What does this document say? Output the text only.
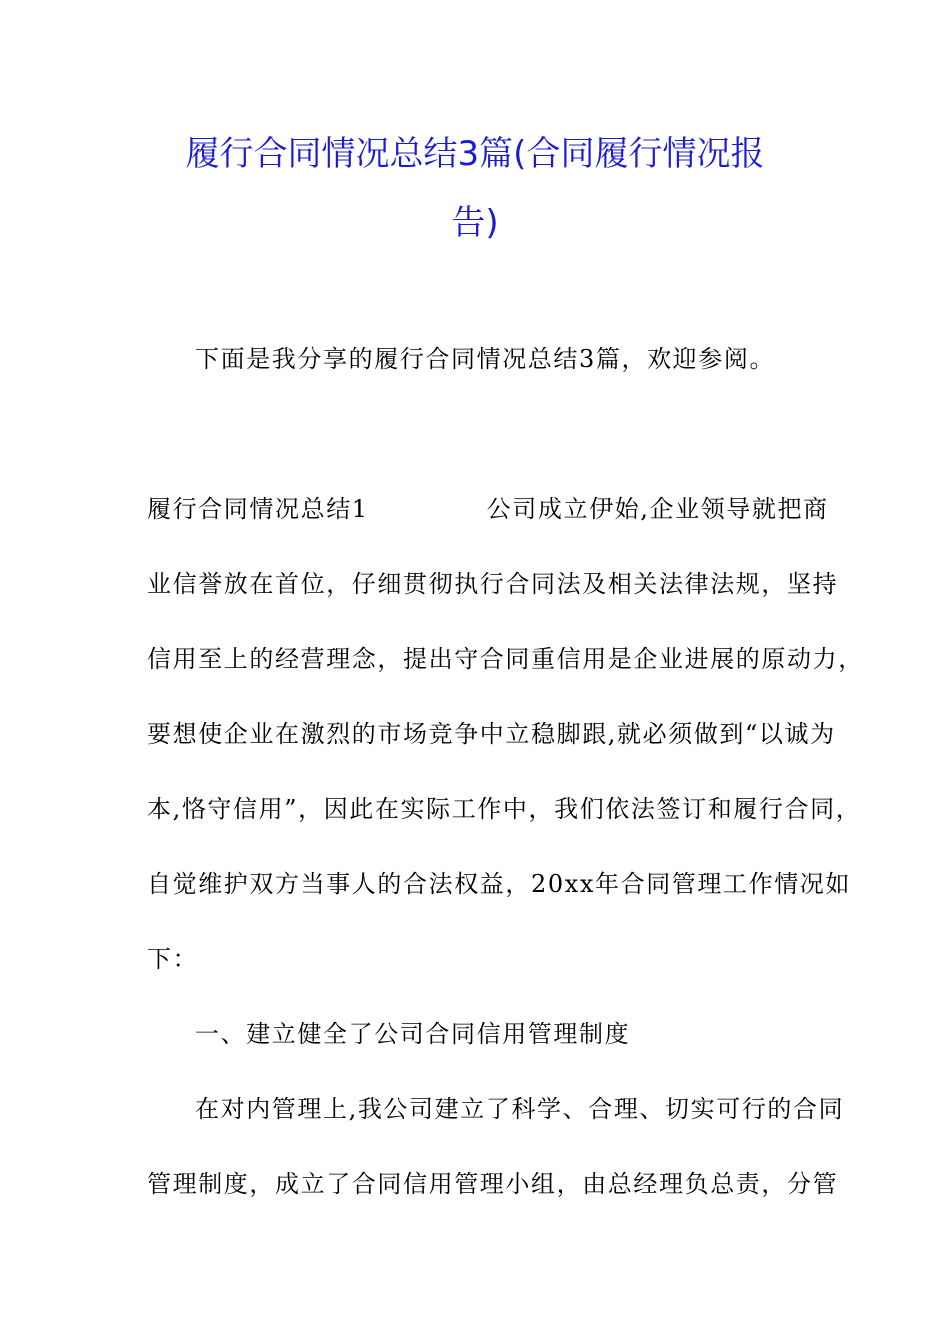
履行合同情况总结3篇(合同履行情况报
告)
下面是我分享的履行合同情况总结3篇，欢迎参阅。
履行合同情况总结1	公司成立伊始,企业领导就把商
业信誉放在首位，仔细贯彻执行合同法及相关法律法规，坚持
信用至上的经营理念，提出守合同重信用是企业进展的原动力，
要想使企业在激烈的市场竞争中立稳脚跟,就必须做到“以诚为
本,恪守信用”，因此在实际工作中，我们依法签订和履行合同，
自觉维护双方当事人的合法权益，20xx年合同管理工作情况如
下：
一、建立健全了公司合同信用管理制度
在对内管理上,我公司建立了科学、合理、切实可行的合同
管理制度，成立了合同信用管理小组，由总经理负总责，分管
